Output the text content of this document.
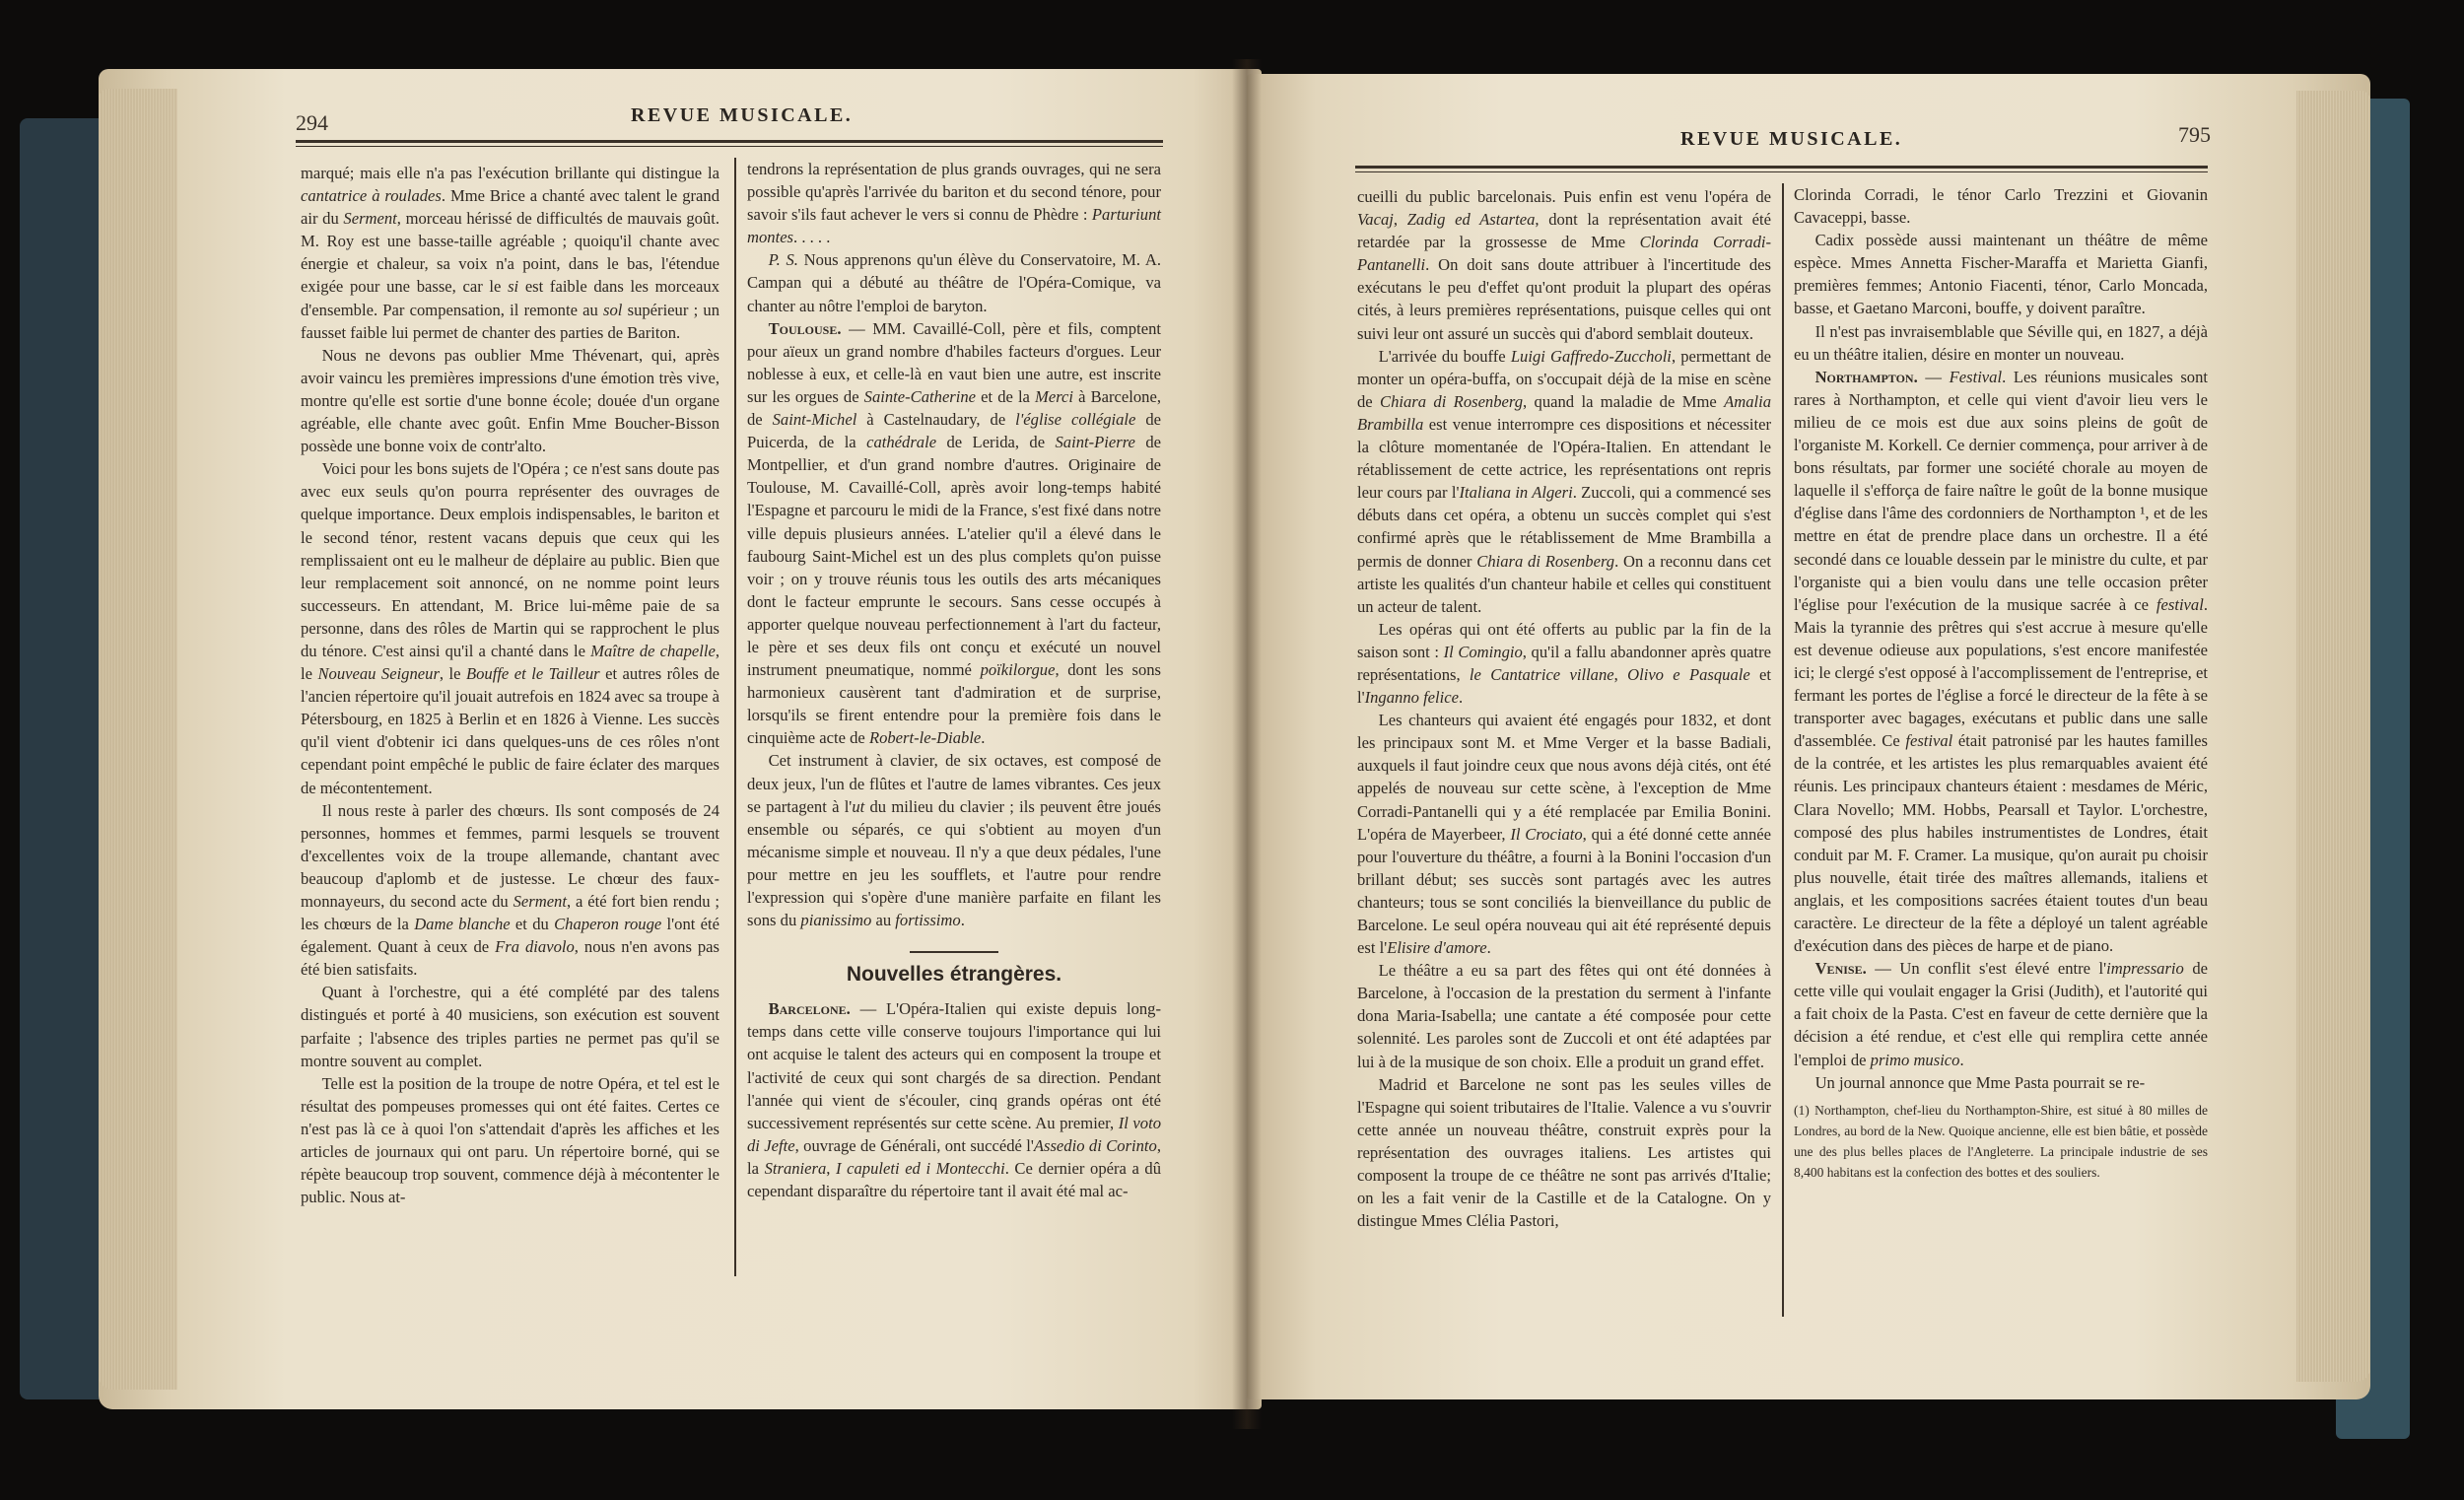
294	REVUE MUSICALE.

marqué; mais elle n'a pas l'exécution brillante qui distingue la cantatrice à roulades. Mme Brice a chanté avec talent le grand air du Serment, morceau hérissé de difficultés de mauvais goût. M. Roy est une basse-taille agréable ; quoiqu'il chante avec énergie et chaleur, sa voix n'a point, dans le bas, l'étendue exigée pour une basse, car le si est faible dans les morceaux d'ensemble. Par compensation, il remonte au sol supérieur ; un fausset faible lui permet de chanter des parties de Bariton.

Nous ne devons pas oublier Mme Thévenart, qui, après avoir vaincu les premières impressions d'une émotion très vive, montre qu'elle est sortie d'une bonne école; douée d'un organe agréable, elle chante avec goût. Enfin Mme Boucher-Bisson possède une bonne voix de contr'alto.

Voici pour les bons sujets de l'Opéra ; ce n'est sans doute pas avec eux seuls qu'on pourra représenter des ouvrages de quelque importance. Deux emplois indispensables, le bariton et le second ténor, restent vacans depuis que ceux qui les remplissaient ont eu le malheur de déplaire au public. Bien que leur remplacement soit annoncé, on ne nomme point leurs successeurs. En attendant, M. Brice lui-même paie de sa personne, dans des rôles de Martin qui se rapprochent le plus du ténore. C'est ainsi qu'il a chanté dans le Maître de chapelle, le Nouveau Seigneur, le Bouffe et le Tailleur et autres rôles de l'ancien répertoire qu'il jouait autrefois en 1824 avec sa troupe à Pétersbourg, en 1825 à Berlin et en 1826 à Vienne. Les succès qu'il vient d'obtenir ici dans quelques-uns de ces rôles n'ont cependant point empêché le public de faire éclater des marques de mécontentement.

Il nous reste à parler des chœurs. Ils sont composés de 24 personnes, hommes et femmes, parmi lesquels se trouvent d'excellentes voix de la troupe allemande, chantant avec beaucoup d'aplomb et de justesse. Le chœur des faux-monnayeurs, du second acte du Serment, a été fort bien rendu ; les chœurs de la Dame blanche et du Chaperon rouge l'ont été également. Quant à ceux de Fra diavolo, nous n'en avons pas été bien satisfaits.

Quant à l'orchestre, qui a été complété par des talens distingués et porté à 40 musiciens, son exécution est souvent parfaite ; l'absence des triples parties ne permet pas qu'il se montre souvent au complet.

Telle est la position de la troupe de notre Opéra, et tel est le résultat des pompeuses promesses qui ont été faites. Certes ce n'est pas là ce à quoi l'on s'attendait d'après les affiches et les articles de journaux qui ont paru. Un répertoire borné, qui se répète beaucoup trop souvent, commence déjà à mécontenter le public. Nous at-

tendrons la représentation de plus grands ouvrages, qui ne sera possible qu'après l'arrivée du bariton et du second ténore, pour savoir s'ils faut achever le vers si connu de Phèdre : Parturiunt montes. . . . .

P. S. Nous apprenons qu'un élève du Conservatoire, M. A. Campan qui a débuté au théâtre de l'Opéra-Comique, va chanter au nôtre l'emploi de baryton.

Toulouse. — MM. Cavaillé-Coll, père et fils, comptent pour aïeux un grand nombre d'habiles facteurs d'orgues. Leur noblesse à eux, et celle-là en vaut bien une autre, est inscrite sur les orgues de Sainte-Catherine et de la Merci à Barcelone, de Saint-Michel à Castelnaudary, de l'église collégiale de Puicerda, de la cathédrale de Lerida, de Saint-Pierre de Montpellier, et d'un grand nombre d'autres. Originaire de Toulouse, M. Cavaillé-Coll, après avoir long-temps habité l'Espagne et parcouru le midi de la France, s'est fixé dans notre ville depuis plusieurs années. L'atelier qu'il a élevé dans le faubourg Saint-Michel est un des plus complets qu'on puisse voir ; on y trouve réunis tous les outils des arts mécaniques dont le facteur emprunte le secours. Sans cesse occupés à apporter quelque nouveau perfectionnement à l'art du facteur, le père et ses deux fils ont conçu et exécuté un nouvel instrument pneumatique, nommé poïkilorgue, dont les sons harmonieux causèrent tant d'admiration et de surprise, lorsqu'ils se firent entendre pour la première fois dans le cinquième acte de Robert-le-Diable.

Cet instrument à clavier, de six octaves, est composé de deux jeux, l'un de flûtes et l'autre de lames vibrantes. Ces jeux se partagent à l'ut du milieu du clavier ; ils peuvent être joués ensemble ou séparés, ce qui s'obtient au moyen d'un mécanisme simple et nouveau. Il n'y a que deux pédales, l'une pour mettre en jeu les soufflets, et l'autre pour rendre l'expression qui s'opère d'une manière parfaite en filant les sons du pianissimo au fortissimo.

Nouvelles étrangères.

Barcelone. — L'Opéra-Italien qui existe depuis long-temps dans cette ville conserve toujours l'importance qui lui ont acquise le talent des acteurs qui en composent la troupe et l'activité de ceux qui sont chargés de sa direction. Pendant l'année qui vient de s'écouler, cinq grands opéras ont été successivement représentés sur cette scène. Au premier, Il voto di Jefte, ouvrage de Générali, ont succédé l'Assedio di Corinto, la Straniera, I capuleti ed i Montecchi. Ce dernier opéra a dû cependant disparaître du répertoire tant il avait été mal ac-

REVUE MUSICALE.	795

cueilli du public barcelonais. Puis enfin est venu l'opéra de Vacaj, Zadig ed Astartea, dont la représentation avait été retardée par la grossesse de Mme Clorinda Corradi-Pantanelli. On doit sans doute attribuer à l'incertitude des exécutans le peu d'effet qu'ont produit la plupart des opéras cités, à leurs premières représentations, puisque celles qui ont suivi leur ont assuré un succès qui d'abord semblait douteux.

L'arrivée du bouffe Luigi Gaffredo-Zuccholi, permettant de monter un opéra-buffa, on s'occupait déjà de la mise en scène de Chiara di Rosenberg, quand la maladie de Mme Amalia Brambilla est venue interrompre ces dispositions et nécessiter la clôture momentanée de l'Opéra-Italien. En attendant le rétablissement de cette actrice, les représentations ont repris leur cours par l'Italiana in Algeri. Zuccoli, qui a commencé ses débuts dans cet opéra, a obtenu un succès complet qui s'est confirmé après que le rétablissement de Mme Brambilla a permis de donner Chiara di Rosenberg. On a reconnu dans cet artiste les qualités d'un chanteur habile et celles qui constituent un acteur de talent.

Les opéras qui ont été offerts au public par la fin de la saison sont : Il Comingio, qu'il a fallu abandonner après quatre représentations, le Cantatrice villane, Olivo e Pasquale et l'Inganno felice.

Les chanteurs qui avaient été engagés pour 1832, et dont les principaux sont M. et Mme Verger et la basse Badiali, auxquels il faut joindre ceux que nous avons déjà cités, ont été appelés de nouveau sur cette scène, à l'exception de Mme Corradi-Pantanelli qui y a été remplacée par Emilia Bonini. L'opéra de Mayerbeer, Il Crociato, qui a été donné cette année pour l'ouverture du théâtre, a fourni à la Bonini l'occasion d'un brillant début; ses succès sont partagés avec les autres chanteurs; tous se sont conciliés la bienveillance du public de Barcelone. Le seul opéra nouveau qui ait été représenté depuis est l'Elisire d'amore.

Le théâtre a eu sa part des fêtes qui ont été données à Barcelone, à l'occasion de la prestation du serment à l'infante dona Maria-Isabella; une cantate a été composée pour cette solennité. Les paroles sont de Zuccoli et ont été adaptées par lui à de la musique de son choix. Elle a produit un grand effet.

Madrid et Barcelone ne sont pas les seules villes de l'Espagne qui soient tributaires de l'Italie. Valence a vu s'ouvrir cette année un nouveau théâtre, construit exprès pour la représentation des ouvrages italiens. Les artistes qui composent la troupe de ce théâtre ne sont pas arrivés d'Italie; on les a fait venir de la Castille et de la Catalogne. On y distingue Mmes Clélia Pastori,

Clorinda Corradi, le ténor Carlo Trezzini et Giovanin Cavaceppi, basse.

Cadix possède aussi maintenant un théâtre de même espèce. Mmes Annetta Fischer-Maraffa et Marietta Gianfi, premières femmes; Antonio Fiacenti, ténor, Carlo Moncada, basse, et Gaetano Marconi, bouffe, y doivent paraître.

Il n'est pas invraisemblable que Séville qui, en 1827, a déjà eu un théâtre italien, désire en monter un nouveau.

Northampton. — Festival. Les réunions musicales sont rares à Northampton, et celle qui vient d'avoir lieu vers le milieu de ce mois est due aux soins pleins de goût de l'organiste M. Korkell. Ce dernier commença, pour arriver à de bons résultats, par former une société chorale au moyen de laquelle il s'efforça de faire naître le goût de la bonne musique d'église dans l'âme des cordonniers de Northampton ¹, et de les mettre en état de prendre place dans un orchestre. Il a été secondé dans ce louable dessein par le ministre du culte, et par l'organiste qui a bien voulu dans une telle occasion prêter l'église pour l'exécution de la musique sacrée à ce festival. Mais la tyrannie des prêtres qui s'est accrue à mesure qu'elle est devenue odieuse aux populations, s'est encore manifestée ici; le clergé s'est opposé à l'accomplissement de l'entreprise, et fermant les portes de l'église a forcé le directeur de la fête à se transporter avec bagages, exécutans et public dans une salle d'assemblée. Ce festival était patronisé par les hautes familles de la contrée, et les artistes les plus remarquables avaient été réunis. Les principaux chanteurs étaient : mesdames de Méric, Clara Novello; MM. Hobbs, Pearsall et Taylor. L'orchestre, composé des plus habiles instrumentistes de Londres, était conduit par M. F. Cramer. La musique, qu'on aurait pu choisir plus nouvelle, était tirée des maîtres allemands, italiens et anglais, et les compositions sacrées étaient toutes d'un beau caractère. Le directeur de la fête a déployé un talent agréable d'exécution dans des pièces de harpe et de piano.

Venise. — Un conflit s'est élevé entre l'impressario de cette ville qui voulait engager la Grisi (Judith), et l'autorité qui a fait choix de la Pasta. C'est en faveur de cette dernière que la décision a été rendue, et c'est elle qui remplira cette année l'emploi de primo musico.

Un journal annonce que Mme Pasta pourrait se re-

(1) Northampton, chef-lieu du Northampton-Shire, est situé à 80 milles de Londres, au bord de la New. Quoique ancienne, elle est bien bâtie, et possède une des plus belles places de l'Angleterre. La principale industrie de ses 8,400 habitans est la confection des bottes et des souliers.
